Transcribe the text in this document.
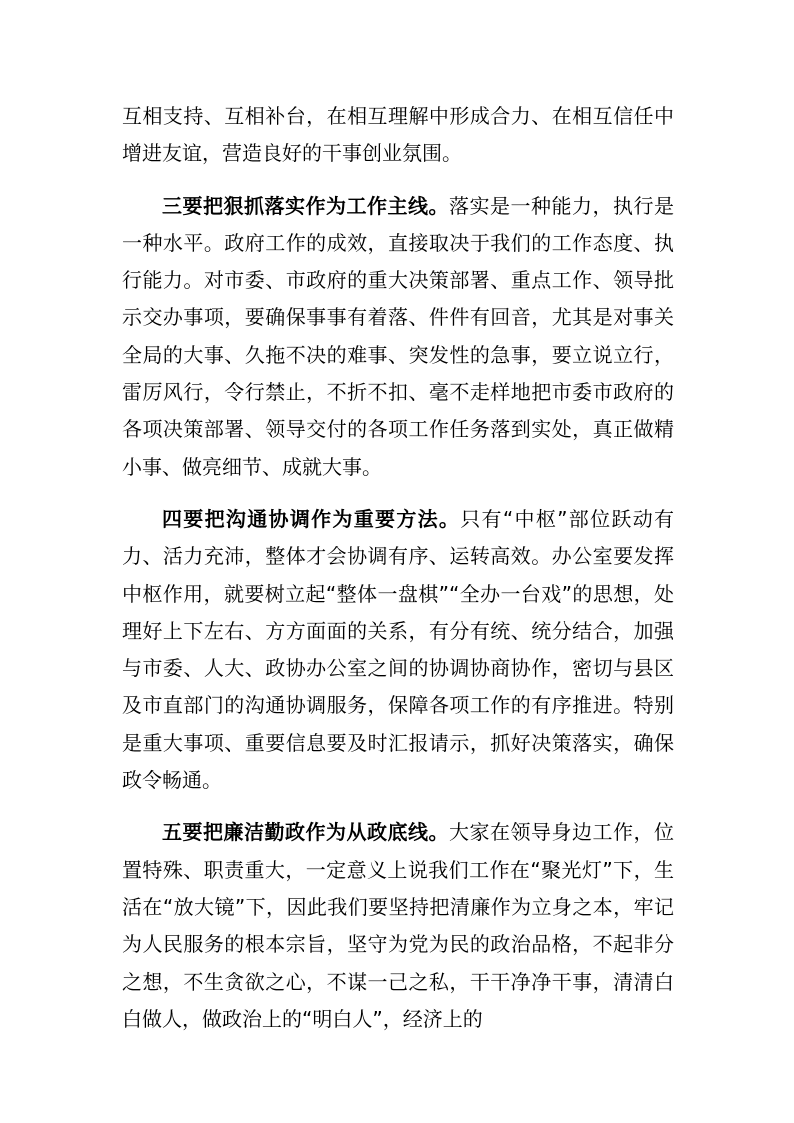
互相支持、互相补台，在相互理解中形成合力、在相互信任中增进友谊，营造良好的干事创业氛围。

三要把狠抓落实作为工作主线。落实是一种能力，执行是一种水平。政府工作的成效，直接取决于我们的工作态度、执行能力。对市委、市政府的重大决策部署、重点工作、领导批示交办事项，要确保事事有着落、件件有回音，尤其是对事关全局的大事、久拖不决的难事、突发性的急事，要立说立行，雷厉风行，令行禁止，不折不扣、毫不走样地把市委市政府的各项决策部署、领导交付的各项工作任务落到实处，真正做精小事、做亮细节、成就大事。

四要把沟通协调作为重要方法。只有“中枢”部位跃动有力、活力充沛，整体才会协调有序、运转高效。办公室要发挥中枢作用，就要树立起“整体一盘棋”“全办一台戏”的思想，处理好上下左右、方方面面的关系，有分有统、统分结合，加强与市委、人大、政协办公室之间的协调协商协作，密切与县区及市直部门的沟通协调服务，保障各项工作的有序推进。特别是重大事项、重要信息要及时汇报请示，抓好决策落实，确保政令畅通。

五要把廉洁勤政作为从政底线。大家在领导身边工作，位置特殊、职责重大，一定意义上说我们工作在“聚光灯”下，生活在“放大镜”下，因此我们要坚持把清廉作为立身之本，牢记为人民服务的根本宗旨，坚守为党为民的政治品格，不起非分之想，不生贪欲之心，不谋一己之私，干干净净干事，清清白白做人，做政治上的“明白人”，经济上的
